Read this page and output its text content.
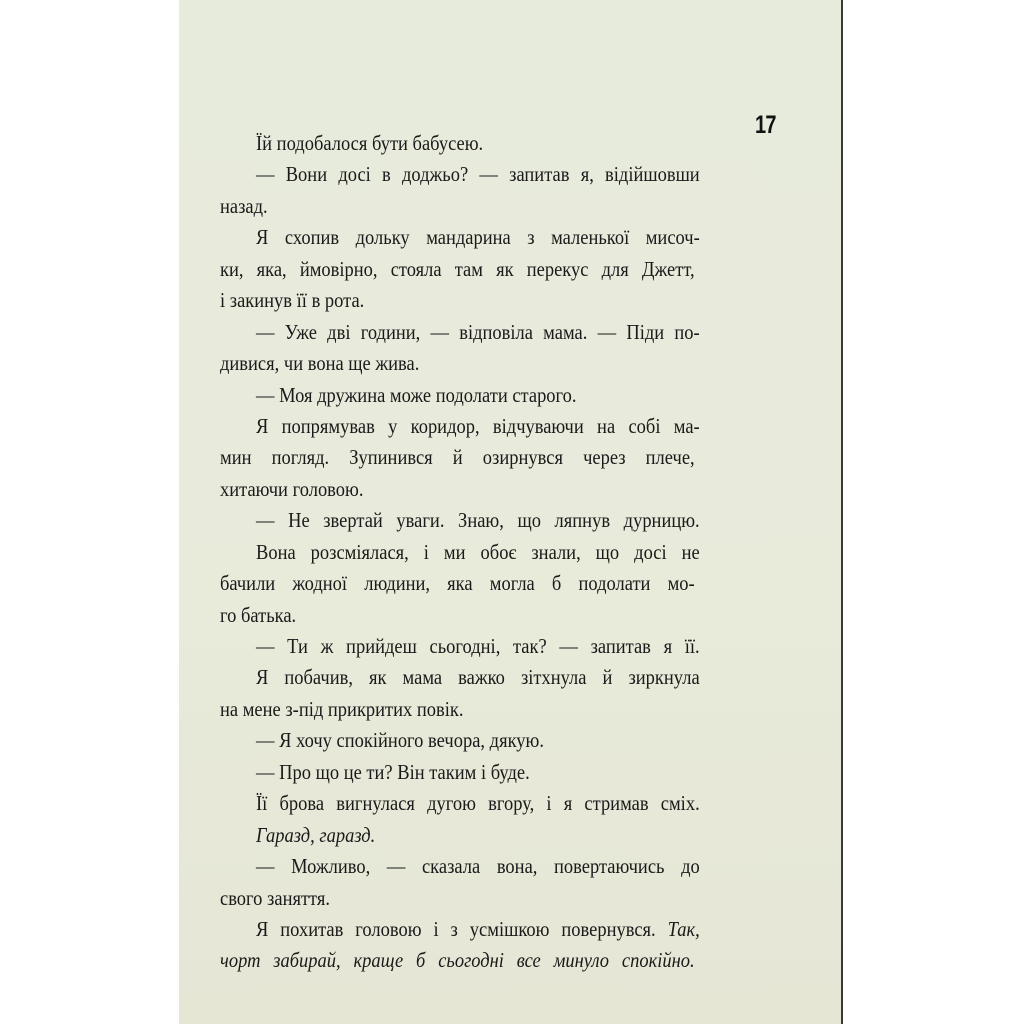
17
Їй подобалося бути бабусею.
— Вони досі в доджьо? — запитав я, відійшовши
назад.
Я схопив дольку мандарина з маленької мисоч-
ки, яка, ймовірно, стояла там як перекус для Джетт,
і закинув її в рота.
— Уже дві години, — відповіла мама. — Піди по-
дивися, чи вона ще жива.
— Моя дружина може подолати старого.
Я попрямував у коридор, відчуваючи на собі ма-
мин погляд. Зупинився й озирнувся через плече,
хитаючи головою.
— Не звертай уваги. Знаю, що ляпнув дурницю.
Вона розсміялася, і ми обоє знали, що досі не
бачили жодної людини, яка могла б подолати мо-
го батька.
— Ти ж прийдеш сьогодні, так? — запитав я її.
Я побачив, як мама важко зітхнула й зиркнула
на мене з-під прикритих повік.
— Я хочу спокійного вечора, дякую.
— Про що це ти? Він таким і буде.
Її брова вигнулася дугою вгору, і я стримав сміх.
Гаразд, гаразд.
— Можливо, — сказала вона, повертаючись до
свого заняття.
Я похитав головою і з усмішкою повернувся. Так,
чорт забирай, краще б сьогодні все минуло спокійно.
